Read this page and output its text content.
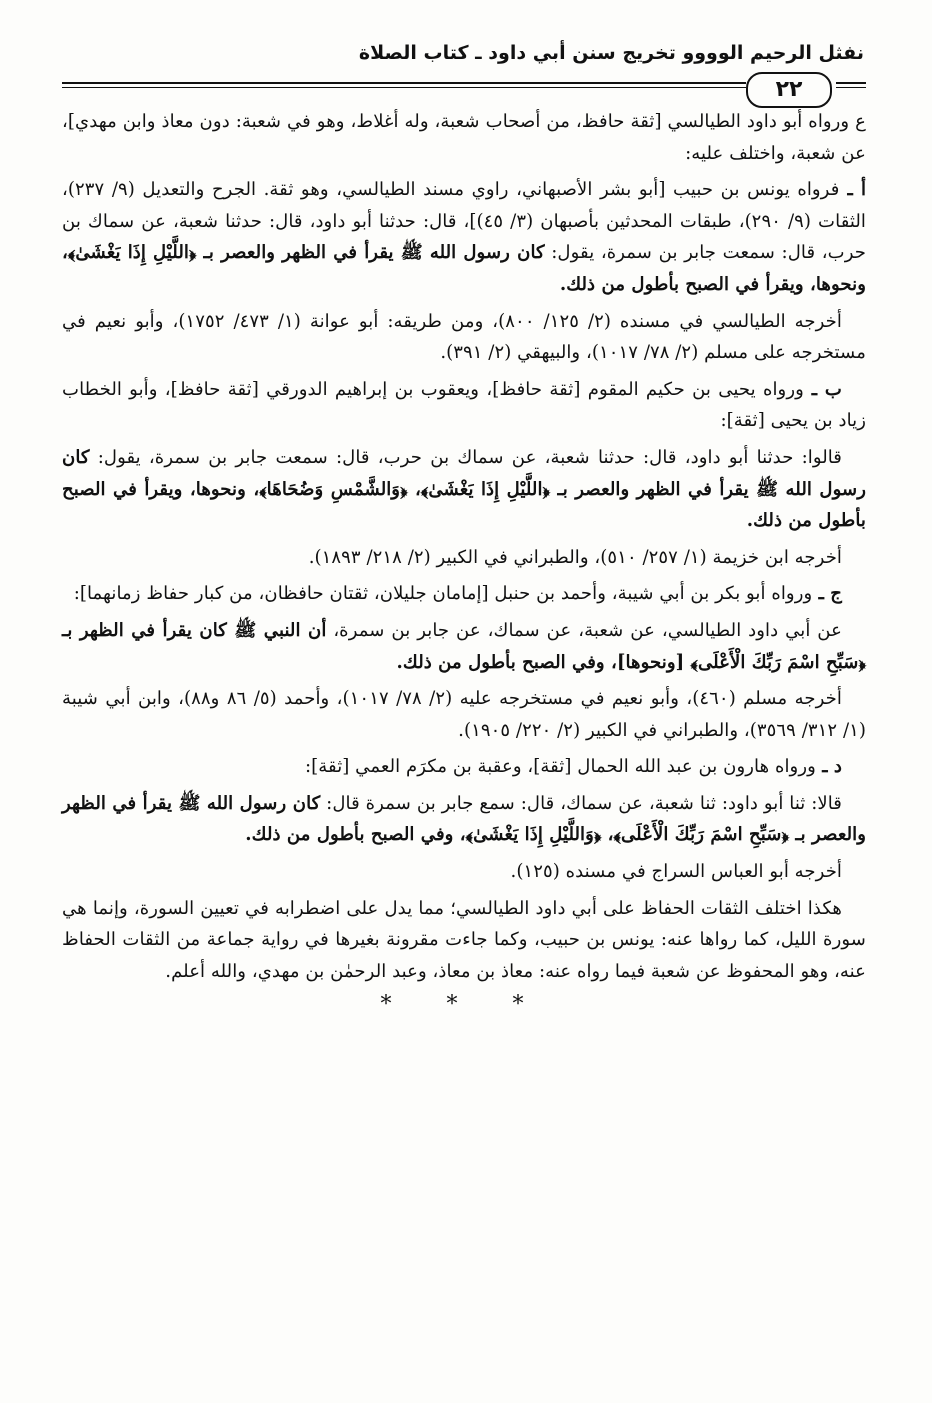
نفثل الرحيم الوووو تخريج سنن أبي داود ـ كتاب الصلاة
٢٢

ع ورواه أبو داود الطيالسي [ثقة حافظ، من أصحاب شعبة، وله أغلاط، وهو في شعبة: دون معاذ وابن مهدي]، عن شعبة، واختلف عليه:

أ ـ فرواه يونس بن حبيب [أبو بشر الأصبهاني، راوي مسند الطيالسي، وهو ثقة. الجرح والتعديل (٩/ ٢٣٧)، الثقات (٩/ ٢٩٠)، طبقات المحدثين بأصبهان (٣/ ٤٥)]، قال: حدثنا أبو داود، قال: حدثنا شعبة، عن سماك بن حرب، قال: سمعت جابر بن سمرة، يقول: كان رسول الله ﷺ يقرأ في الظهر والعصر بـ ﴿اللَّيْلِ إِذَا يَغْشَىٰ﴾، ونحوها، ويقرأ في الصبح بأطول من ذلك.

أخرجه الطيالسي في مسنده (٢/ ١٢٥/ ٨٠٠)، ومن طريقه: أبو عوانة (١/ ٤٧٣/ ١٧٥٢)، وأبو نعيم في مستخرجه على مسلم (٢/ ٧٨/ ١٠١٧)، والبيهقي (٢/ ٣٩١).

ب ـ ورواه يحيى بن حكيم المقوم [ثقة حافظ]، ويعقوب بن إبراهيم الدورقي [ثقة حافظ]، وأبو الخطاب زياد بن يحيى [ثقة]:

قالوا: حدثنا أبو داود، قال: حدثنا شعبة، عن سماك بن حرب، قال: سمعت جابر بن سمرة، يقول: كان رسول الله ﷺ يقرأ في الظهر والعصر بـ ﴿اللَّيْلِ إِذَا يَغْشَىٰ﴾، ﴿وَالشَّمْسِ وَضُحَاهَا﴾، ونحوها، ويقرأ في الصبح بأطول من ذلك.

أخرجه ابن خزيمة (١/ ٢٥٧/ ٥١٠)، والطبراني في الكبير (٢/ ٢١٨/ ١٨٩٣).

ج ـ ورواه أبو بكر بن أبي شيبة، وأحمد بن حنبل [إمامان جليلان، ثقتان حافظان، من كبار حفاظ زمانهما]:

عن أبي داود الطيالسي، عن شعبة، عن سماك، عن جابر بن سمرة، أن النبي ﷺ كان يقرأ في الظهر بـ ﴿سَبِّحِ اسْمَ رَبِّكَ الْأَعْلَى﴾ [ونحوها]، وفي الصبح بأطول من ذلك.

أخرجه مسلم (٤٦٠)، وأبو نعيم في مستخرجه عليه (٢/ ٧٨/ ١٠١٧)، وأحمد (٥/ ٨٦ و٨٨)، وابن أبي شيبة (١/ ٣١٢/ ٣٥٦٩)، والطبراني في الكبير (٢/ ٢٢٠/ ١٩٠٥).

د ـ ورواه هارون بن عبد الله الحمال [ثقة]، وعقبة بن مكرَم العمي [ثقة]:

قالا: ثنا أبو داود: ثنا شعبة، عن سماك، قال: سمع جابر بن سمرة قال: كان رسول الله ﷺ يقرأ في الظهر والعصر بـ ﴿سَبِّحِ اسْمَ رَبِّكَ الْأَعْلَى﴾، ﴿وَاللَّيْلِ إِذَا يَغْشَىٰ﴾، وفي الصبح بأطول من ذلك.

أخرجه أبو العباس السراج في مسنده (١٢٥).

هكذا اختلف الثقات الحفاظ على أبي داود الطيالسي؛ مما يدل على اضطرابه في تعيين السورة، وإنما هي سورة الليل، كما رواها عنه: يونس بن حبيب، وكما جاءت مقرونة بغيرها في رواية جماعة من الثقات الحفاظ عنه، وهو المحفوظ عن شعبة فيما رواه عنه: معاذ بن معاذ، وعبد الرحمٰن بن مهدي، والله أعلم.

* * *
